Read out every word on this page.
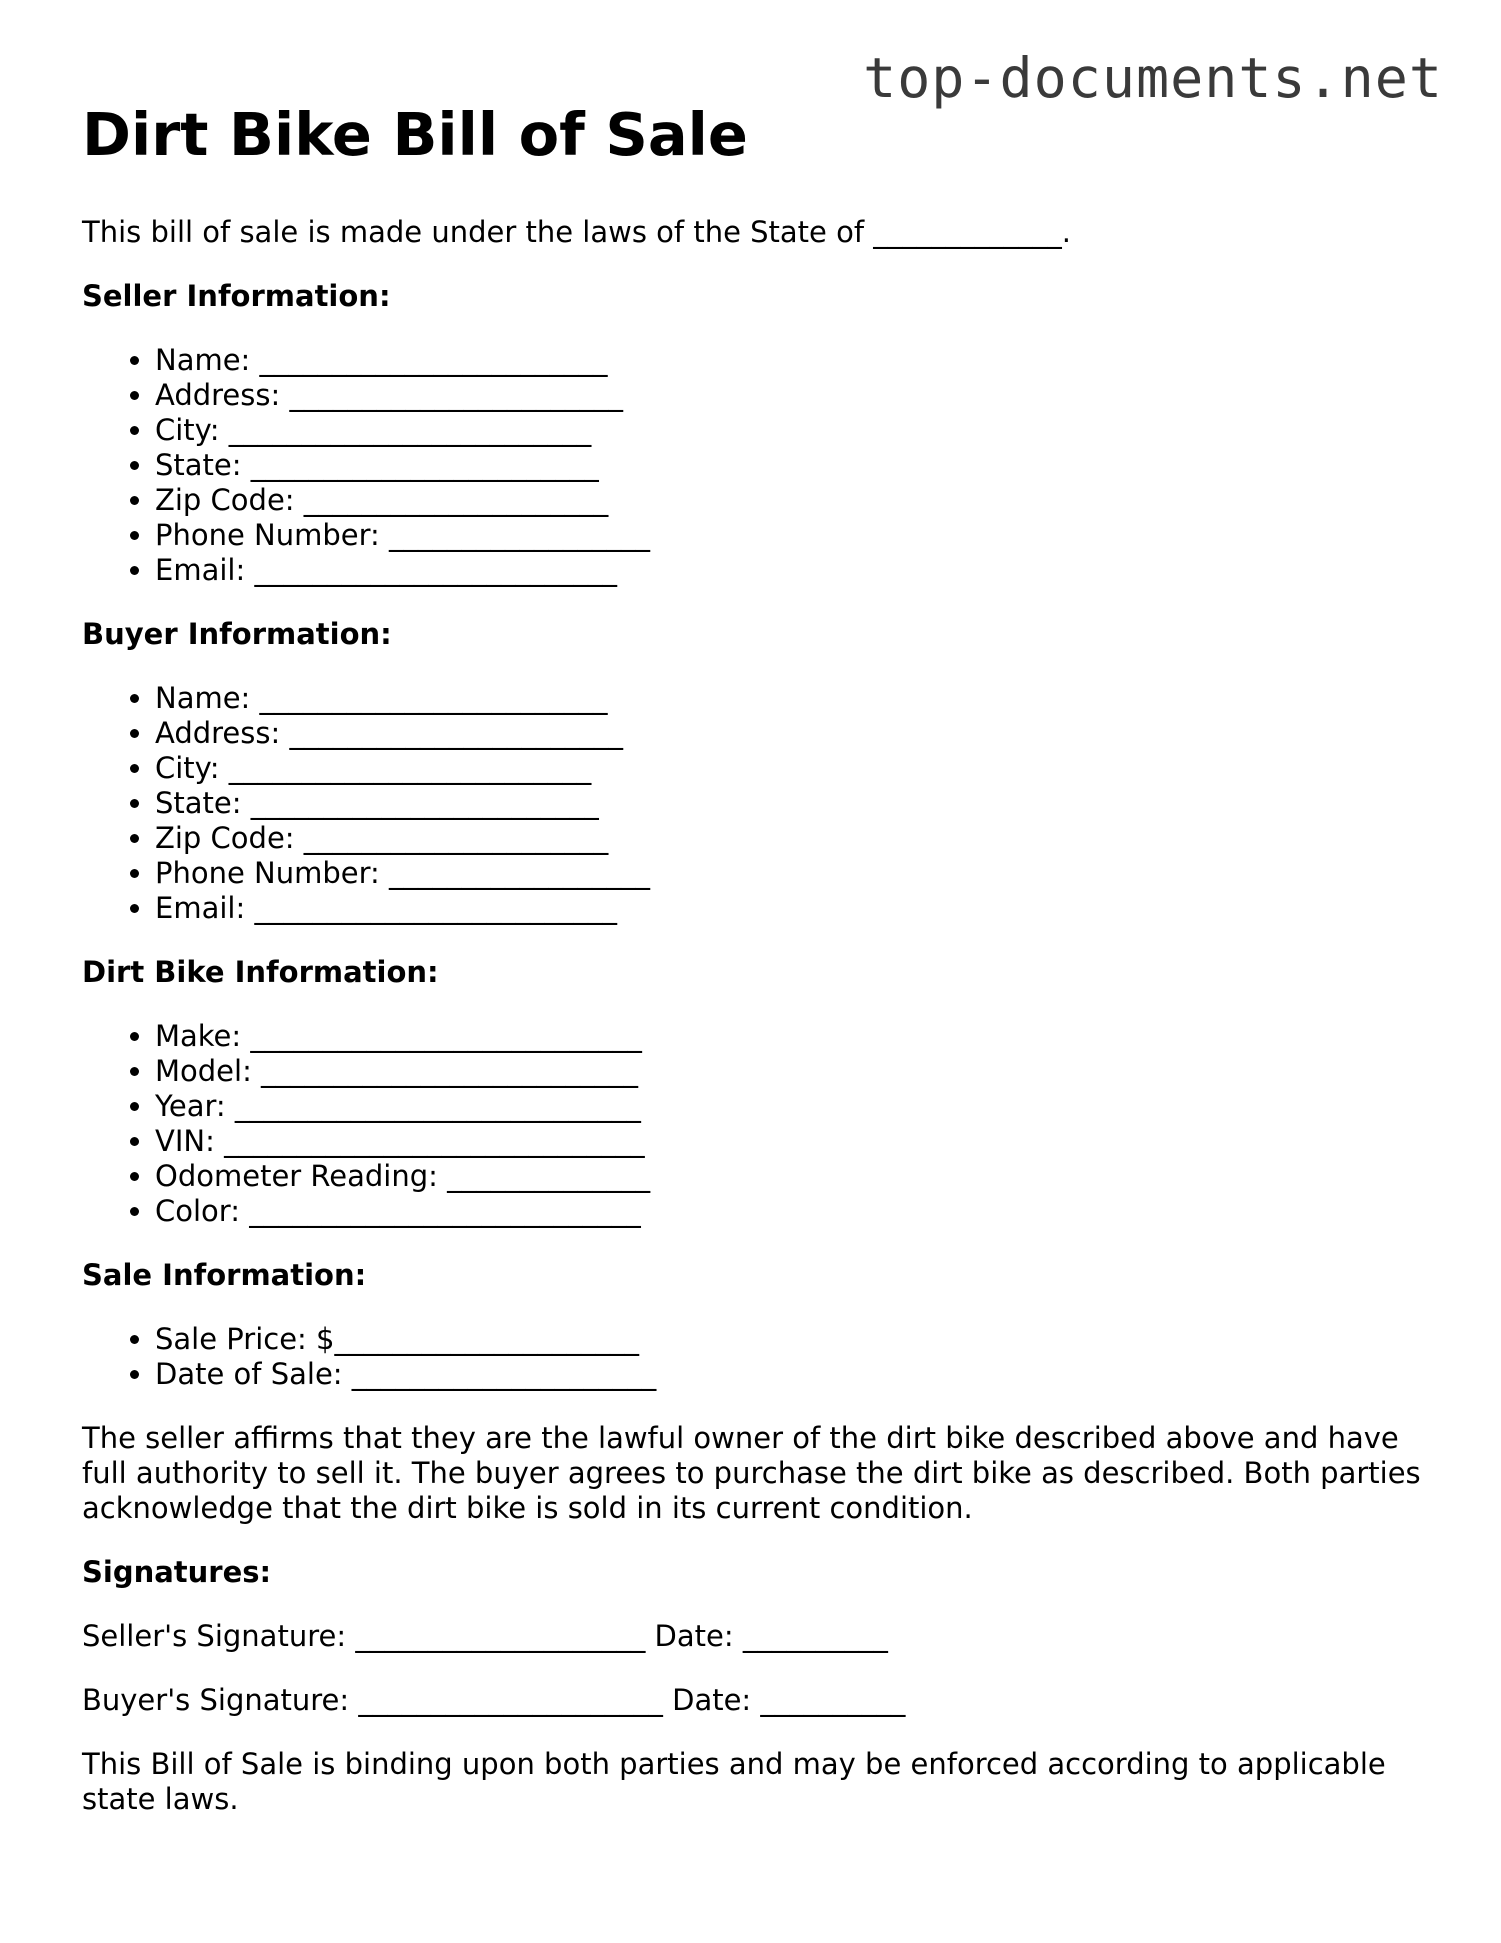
top-documents.net
Dirt Bike Bill of Sale

This bill of sale is made under the laws of the State of _____________.

Seller Information:
• Name: ________________________
• Address: _______________________
• City: _________________________
• State: ________________________
• Zip Code: _____________________
• Phone Number: __________________
• Email: _________________________
Buyer Information:
• Name: ________________________
• Address: _______________________
• City: _________________________
• State: ________________________
• Zip Code: _____________________
• Phone Number: __________________
• Email: _________________________
Dirt Bike Information:
• Make: ___________________________
• Model: __________________________
• Year: ____________________________
• VIN: _____________________________
• Odometer Reading: ______________
• Color: ___________________________
Sale Information:
• Sale Price: $_____________________
• Date of Sale: _____________________

The seller affirms that they are the lawful owner of the dirt bike described above and have full authority to sell it. The buyer agrees to purchase the dirt bike as described. Both parties acknowledge that the dirt bike is sold in its current condition.

Signatures:
Seller's Signature: ____________________ Date: __________
Buyer's Signature: _____________________ Date: __________

This Bill of Sale is binding upon both parties and may be enforced according to applicable state laws.
